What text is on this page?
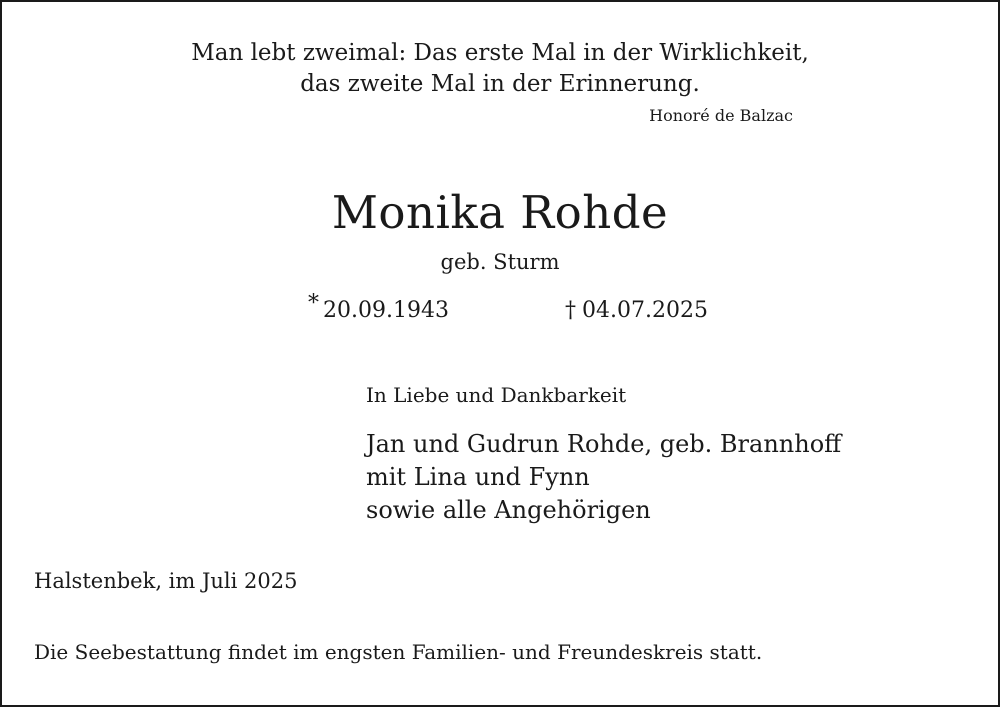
Man lebt zweimal: Das erste Mal in der Wirklichkeit,
das zweite Mal in der Erinnerung.
Honoré de Balzac
Monika Rohde
geb. Sturm
* 20.09.1943	† 04.07.2025
In Liebe und Dankbarkeit
Jan und Gudrun Rohde, geb. Brannhoff
mit Lina und Fynn
sowie alle Angehörigen
Halstenbek, im Juli 2025
Die Seebestattung findet im engsten Familien- und Freundeskreis statt.
